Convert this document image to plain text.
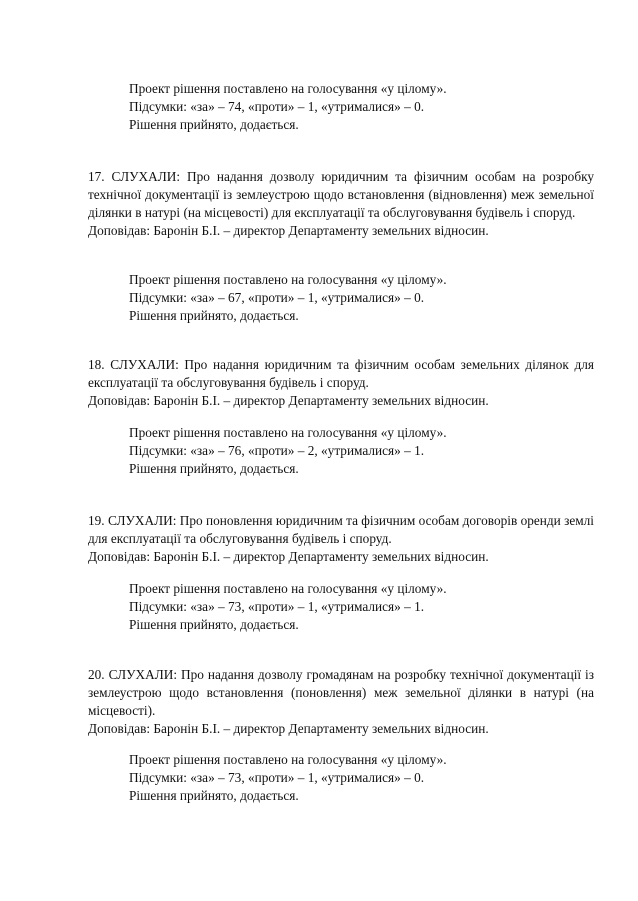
Проект рішення поставлено на голосування «у цілому».
Підсумки: «за» – 74, «проти» – 1, «утрималися» – 0.
Рішення прийнято, додається.
17. СЛУХАЛИ: Про надання дозволу юридичним та фізичним особам на розробку технічної документації із землеустрою щодо встановлення (відновлення) меж земельної ділянки в натурі (на місцевості) для експлуатації та обслуговування будівель і споруд.
Доповідав: Баронін Б.І. – директор Департаменту земельних відносин.
Проект рішення поставлено на голосування «у цілому».
Підсумки: «за» – 67, «проти» – 1, «утрималися» – 0.
Рішення прийнято, додається.
18. СЛУХАЛИ: Про надання юридичним та фізичним особам земельних ділянок для експлуатації та обслуговування будівель і споруд.
Доповідав: Баронін Б.І. – директор Департаменту земельних відносин.
Проект рішення поставлено на голосування «у цілому».
Підсумки: «за» – 76, «проти» – 2, «утрималися» – 1.
Рішення прийнято, додається.
19. СЛУХАЛИ: Про поновлення юридичним та фізичним особам договорів оренди землі для експлуатації та обслуговування будівель і споруд.
Доповідав: Баронін Б.І. – директор Департаменту земельних відносин.
Проект рішення поставлено на голосування «у цілому».
Підсумки: «за» – 73, «проти» – 1, «утрималися» – 1.
Рішення прийнято, додається.
20. СЛУХАЛИ: Про надання дозволу громадянам на розробку технічної документації із землеустрою щодо встановлення (поновлення) меж земельної ділянки в натурі (на місцевості).
Доповідав: Баронін Б.І. – директор Департаменту земельних відносин.
Проект рішення поставлено на голосування «у цілому».
Підсумки: «за» – 73, «проти» – 1, «утрималися» – 0.
Рішення прийнято, додається.
